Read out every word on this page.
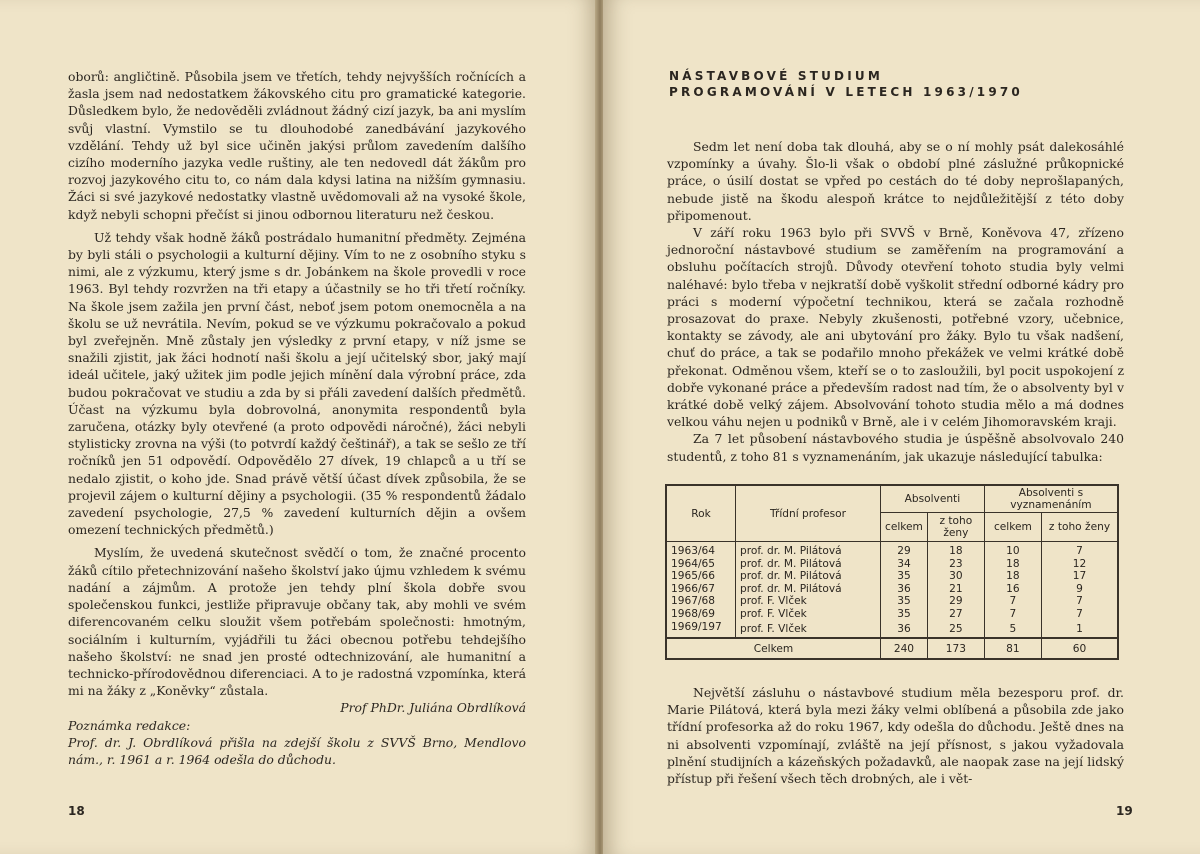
oborů: angličtině. Působila jsem ve třetích, tehdy nejvyšších ročnících a žasla jsem nad nedostatkem žákovského citu pro gramatické kategorie. Důsledkem bylo, že nedověděli zvládnout žádný cizí jazyk, ba ani myslím svůj vlastní. Vymstilo se tu dlouhodobé zanedbávání jazykového vzdělání. Tehdy už byl sice učiněn jakýsi průlom zavedením dalšího cizího moderního jazyka vedle ruštiny, ale ten nedovedl dát žákům pro rozvoj jazykového citu to, co nám dala kdysi latina na nižším gymnasiu. Žáci si své jazykové nedostatky vlastně uvědomovali až na vysoké škole, když nebyli schopni přečíst si jinou odbornou literaturu než českou.

Už tehdy však hodně žáků postrádalo humanitní předměty. Zejména by byli stáli o psychologii a kulturní dějiny. Vím to ne z osobního styku s nimi, ale z výzkumu, který jsme s dr. Jobánkem na škole provedli v roce 1963. Byl tehdy rozvržen na tři etapy a účastnily se ho tři třetí ročníky. Na škole jsem zažila jen první část, neboť jsem potom onemocněla a na školu se už nevrátila. Nevím, pokud se ve výzkumu pokračovalo a pokud byl zveřejněn. Mně zůstaly jen výsledky z první etapy, v níž jsme se snažili zjistit, jak žáci hodnotí naši školu a její učitelský sbor, jaký mají ideál učitele, jaký užitek jim podle jejich mínění dala výrobní práce, zda budou pokračovat ve studiu a zda by si přáli zavedení dalších předmětů. Účast na výzkumu byla dobrovolná, anonymita respondentů byla zaručena, otázky byly otevřené (a proto odpovědi náročné), žáci nebyli stylisticky zrovna na výši (to potvrdí každý češtinář), a tak se sešlo ze tří ročníků jen 51 odpovědí. Odpovědělo 27 dívek, 19 chlapců a u tří se nedalo zjistit, o koho jde. Snad právě větší účast dívek způsobila, že se projevil zájem o kulturní dějiny a psychologii. (35 % respondentů žádalo zavedení psychologie, 27,5 % zavedení kulturních dějin a ovšem omezení technických předmětů.)

Myslím, že uvedená skutečnost svědčí o tom, že značné procento žáků cítilo přetechnizování našeho školství jako újmu vzhledem k svému nadání a zájmům. A protože jen tehdy plní škola dobře svou společenskou funkci, jestliže připravuje občany tak, aby mohli ve svém diferencovaném celku sloužit všem potřebám společnosti: hmotným, sociálním i kulturním, vyjádřili tu žáci obecnou potřebu tehdejšího našeho školství: ne snad jen prosté odtechnizování, ale humanitní a technicko-přírodovědnou diferenciaci. A to je radostná vzpomínka, která mi na žáky z „Koněvky“ zůstala.

Prof PhDr. Juliána Obrdlíková

Poznámka redakce:

Prof. dr. J. Obrdlíková přišla na zdejší školu z SVVŠ Brno, Mendlovo nám., r. 1961 a r. 1964 odešla do důchodu.

18
NÁSTAVBOVÉ STUDIUM
PROGRAMOVÁNÍ V LETECH 1963/1970

Sedm let není doba tak dlouhá, aby se o ní mohly psát dalekosáhlé vzpomínky a úvahy. Šlo-li však o období plné záslužné průkopnické práce, o úsilí dostat se vpřed po cestách do té doby neprošlapaných, nebude jistě na škodu alespoň krátce to nejdůležitější z této doby připomenout.

V září roku 1963 bylo při SVVŠ v Brně, Koněvova 47, zřízeno jednoroční nástavbové studium se zaměřením na programování a obsluhu počítacích strojů. Důvody otevření tohoto studia byly velmi naléhavé: bylo třeba v nejkratší době vyškolit střední odborné kádry pro práci s moderní výpočetní technikou, která se začala rozhodně prosazovat do praxe. Nebyly zkušenosti, potřebné vzory, učebnice, kontakty se závody, ale ani ubytování pro žáky. Bylo tu však nadšení, chuť do práce, a tak se podařilo mnoho překážek ve velmi krátké době překonat. Odměnou všem, kteří se o to zasloužili, byl pocit uspokojení z dobře vykonané práce a především radost nad tím, že o absolventy byl v krátké době velký zájem. Absolvování tohoto studia mělo a má dodnes velkou váhu nejen u podniků v Brně, ale i v celém Jihomoravském kraji.

Za 7 let působení nástavbového studia je úspěšně absolvovalo 240 studentů, z toho 81 s vyznamenáním, jak ukazuje následující tabulka:

Rok	Třídní profesor	Absolventi		Absolventi s vyznamenáním	
		celkem	z toho ženy	celkem	z toho ženy
1963/64	prof. dr. M. Pilátová	29	18	10	7
1964/65	prof. dr. M. Pilátová	34	23	18	12
1965/66	prof. dr. M. Pilátová	35	30	18	17
1966/67	prof. dr. M. Pilátová	36	21	16	9
1967/68	prof. F. Vlček	35	29	7	7
1968/69	prof. F. Vlček	35	27	7	7
1969/197	prof. F. Vlček	36	25	5	1
Celkem		240	173	81	60

Největší zásluhu o nástavbové studium měla bezesporu prof. dr. Marie Pilátová, která byla mezi žáky velmi oblíbená a působila zde jako třídní profesorka až do roku 1967, kdy odešla do důchodu. Ještě dnes na ni absolventi vzpomínají, zvláště na její přísnost, s jakou vyžadovala plnění studijních a kázeňských požadavků, ale naopak zase na její lidský přístup při řešení všech těch drobných, ale i vět-

19
